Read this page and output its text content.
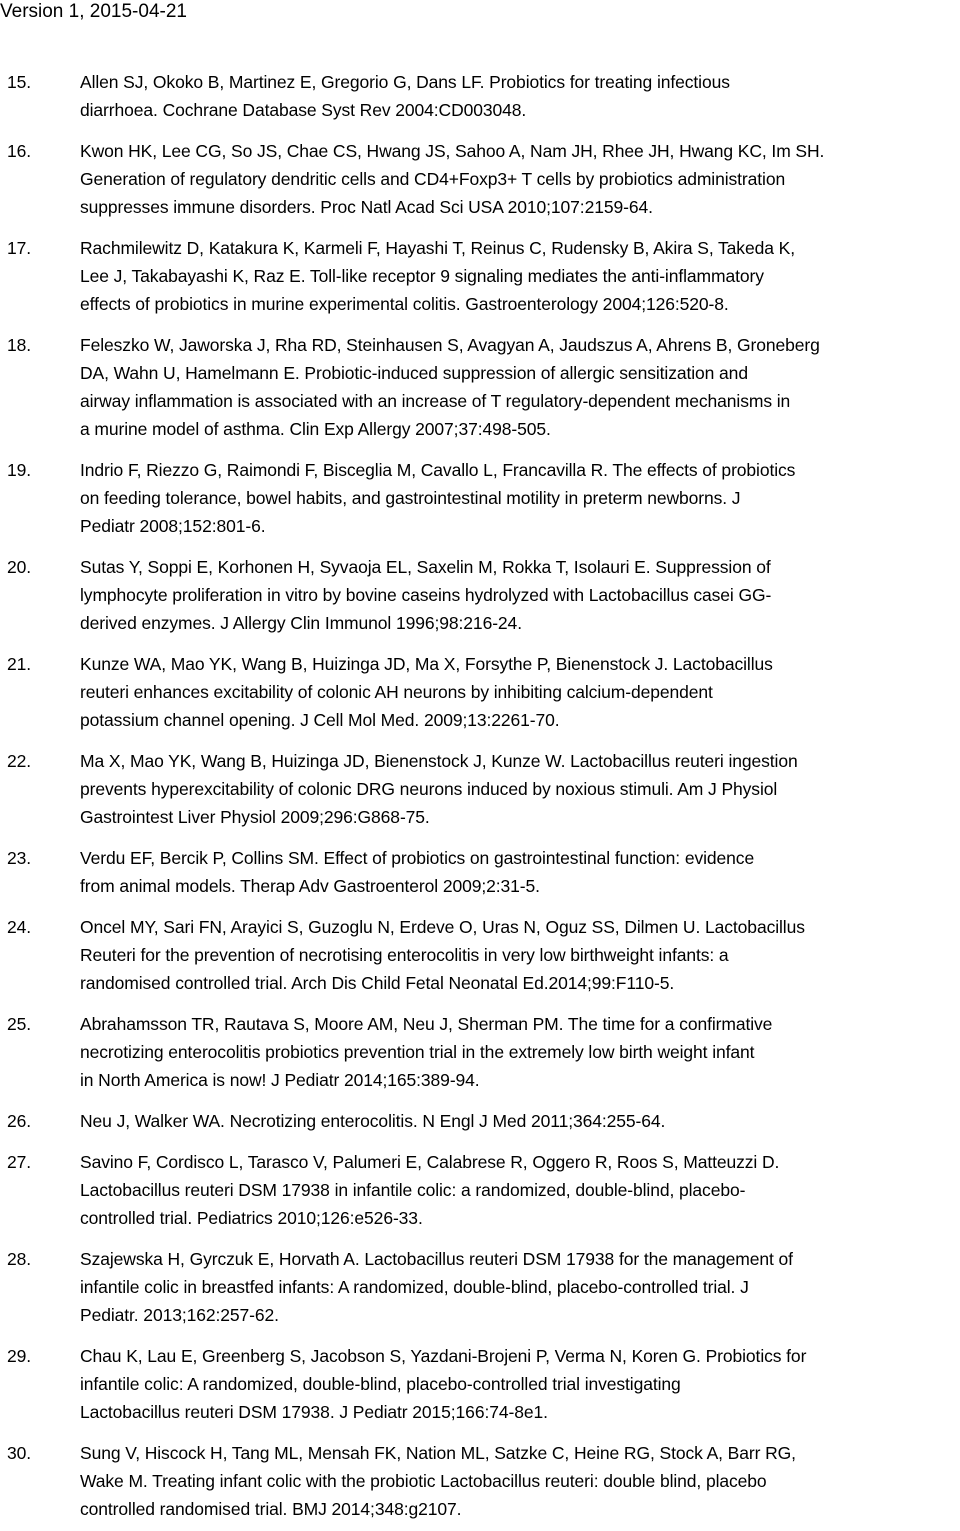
Version 1, 2015-04-21
15.	Allen SJ, Okoko B, Martinez E, Gregorio G, Dans LF. Probiotics for treating infectious
diarrhoea. Cochrane Database Syst Rev 2004:CD003048.
16.	Kwon HK, Lee CG, So JS, Chae CS, Hwang JS, Sahoo A, Nam JH, Rhee JH, Hwang KC, Im SH.
Generation of regulatory dendritic cells and CD4+Foxp3+ T cells by probiotics administration
suppresses immune disorders. Proc Natl Acad Sci USA 2010;107:2159-64.
17.	Rachmilewitz D, Katakura K, Karmeli F, Hayashi T, Reinus C, Rudensky B, Akira S, Takeda K,
Lee J, Takabayashi K, Raz E. Toll-like receptor 9 signaling mediates the anti-inflammatory
effects of probiotics in murine experimental colitis. Gastroenterology 2004;126:520-8.
18.	Feleszko W, Jaworska J, Rha RD, Steinhausen S, Avagyan A, Jaudszus A, Ahrens B, Groneberg
DA, Wahn U, Hamelmann E. Probiotic-induced suppression of allergic sensitization and
airway inflammation is associated with an increase of T regulatory-dependent mechanisms in
a murine model of asthma. Clin Exp Allergy 2007;37:498-505.
19.	Indrio F, Riezzo G, Raimondi F, Bisceglia M, Cavallo L, Francavilla R. The effects of probiotics
on feeding tolerance, bowel habits, and gastrointestinal motility in preterm newborns. J
Pediatr 2008;152:801-6.
20.	Sutas Y, Soppi E, Korhonen H, Syvaoja EL, Saxelin M, Rokka T, Isolauri E. Suppression of
lymphocyte proliferation in vitro by bovine caseins hydrolyzed with Lactobacillus casei GG-
derived enzymes. J Allergy Clin Immunol 1996;98:216-24.
21.	Kunze WA, Mao YK, Wang B, Huizinga JD, Ma X, Forsythe P, Bienenstock J. Lactobacillus
reuteri enhances excitability of colonic AH neurons by inhibiting calcium-dependent
potassium channel opening. J Cell Mol Med. 2009;13:2261-70.
22.	Ma X, Mao YK, Wang B, Huizinga JD, Bienenstock J, Kunze W. Lactobacillus reuteri ingestion
prevents hyperexcitability of colonic DRG neurons induced by noxious stimuli. Am J Physiol
Gastrointest Liver Physiol 2009;296:G868-75.
23.	Verdu EF, Bercik P, Collins SM. Effect of probiotics on gastrointestinal function: evidence
from animal models. Therap Adv Gastroenterol 2009;2:31-5.
24.	Oncel MY, Sari FN, Arayici S, Guzoglu N, Erdeve O, Uras N, Oguz SS, Dilmen U. Lactobacillus
Reuteri for the prevention of necrotising enterocolitis in very low birthweight infants: a
randomised controlled trial. Arch Dis Child Fetal Neonatal Ed.2014;99:F110-5.
25.	Abrahamsson TR, Rautava S, Moore AM, Neu J, Sherman PM. The time for a confirmative
necrotizing enterocolitis probiotics prevention trial in the extremely low birth weight infant
in North America is now! J Pediatr 2014;165:389-94.
26.	Neu J, Walker WA. Necrotizing enterocolitis. N Engl J Med 2011;364:255-64.
27.	Savino F, Cordisco L, Tarasco V, Palumeri E, Calabrese R, Oggero R, Roos S, Matteuzzi D.
Lactobacillus reuteri DSM 17938 in infantile colic: a randomized, double-blind, placebo-
controlled trial. Pediatrics 2010;126:e526-33.
28.	Szajewska H, Gyrczuk E, Horvath A. Lactobacillus reuteri DSM 17938 for the management of
infantile colic in breastfed infants: A randomized, double-blind, placebo-controlled trial. J
Pediatr. 2013;162:257-62.
29.	Chau K, Lau E, Greenberg S, Jacobson S, Yazdani-Brojeni P, Verma N, Koren G. Probiotics for
infantile colic: A randomized, double-blind, placebo-controlled trial investigating
Lactobacillus reuteri DSM 17938. J Pediatr 2015;166:74-8e1.
30.	Sung V, Hiscock H, Tang ML, Mensah FK, Nation ML, Satzke C, Heine RG, Stock A, Barr RG,
Wake M. Treating infant colic with the probiotic Lactobacillus reuteri: double blind, placebo
controlled randomised trial. BMJ 2014;348:g2107.
